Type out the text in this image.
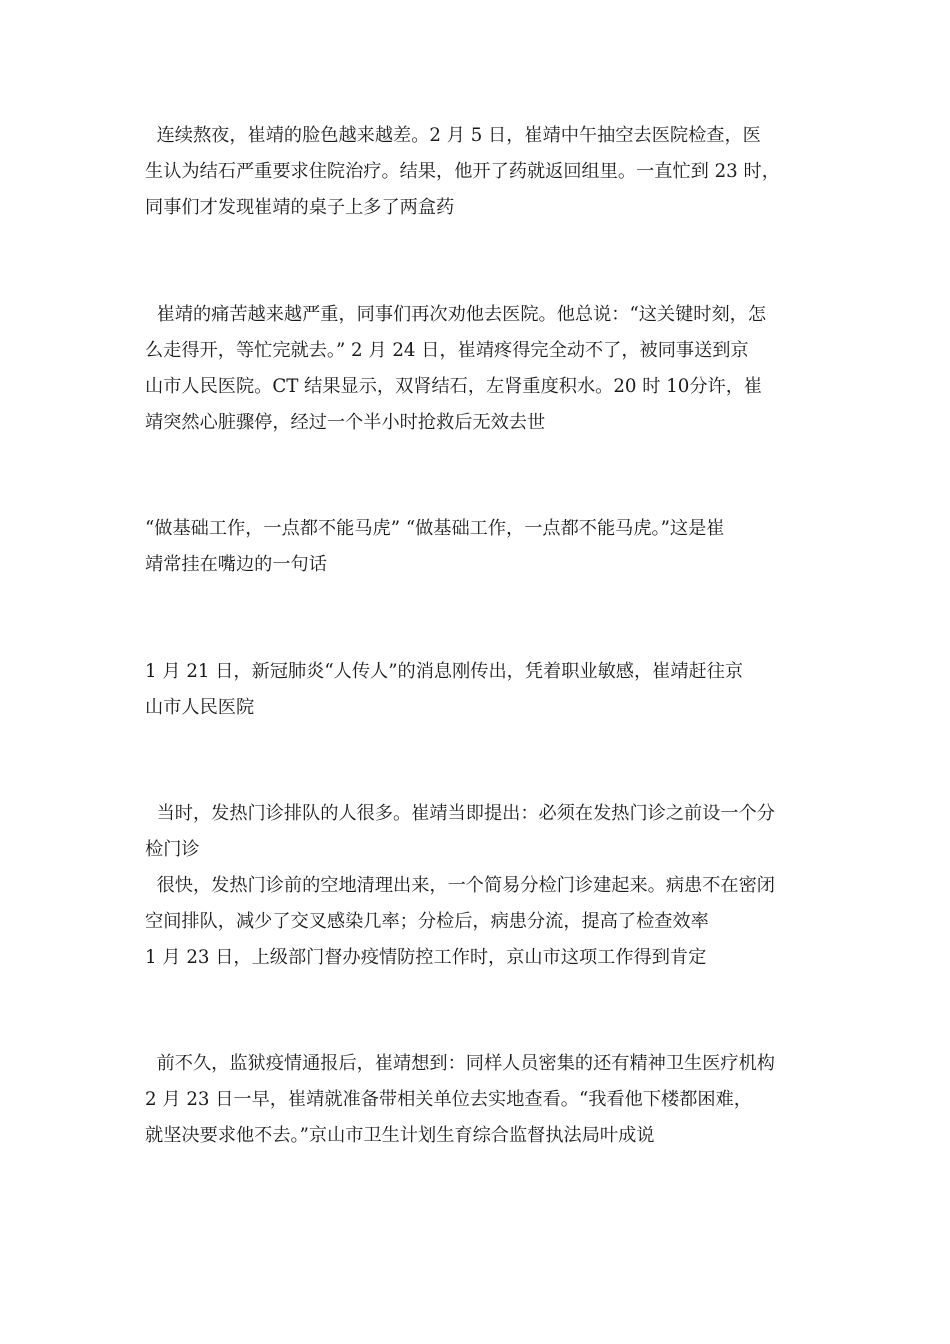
连续熬夜，崔靖的脸色越来越差。2 月 5 日，崔靖中午抽空去医院检查，医
生认为结石严重要求住院治疗。结果，他开了药就返回组里。一直忙到 23 时，
同事们才发现崔靖的桌子上多了两盒药
崔靖的痛苦越来越严重，同事们再次劝他去医院。他总说：“这关键时刻，怎
么走得开，等忙完就去。” 2 月 24 日，崔靖疼得完全动不了，被同事送到京
山市人民医院。CT 结果显示，双肾结石，左肾重度积水。20 时 10分许，崔
靖突然心脏骤停，经过一个半小时抢救后无效去世
“做基础工作，一点都不能马虎” “做基础工作，一点都不能马虎。”这是崔
靖常挂在嘴边的一句话
1 月 21 日，新冠肺炎“人传人”的消息刚传出，凭着职业敏感，崔靖赶往京
山市人民医院
当时，发热门诊排队的人很多。崔靖当即提出：必须在发热门诊之前设一个分
检门诊
很快，发热门诊前的空地清理出来，一个简易分检门诊建起来。病患不在密闭
空间排队，减少了交叉感染几率；分检后，病患分流，提高了检查效率
1 月 23 日，上级部门督办疫情防控工作时，京山市这项工作得到肯定
前不久，监狱疫情通报后，崔靖想到：同样人员密集的还有精神卫生医疗机构
2 月 23 日一早，崔靖就准备带相关单位去实地查看。“我看他下楼都困难，
就坚决要求他不去。”京山市卫生计划生育综合监督执法局叶成说
